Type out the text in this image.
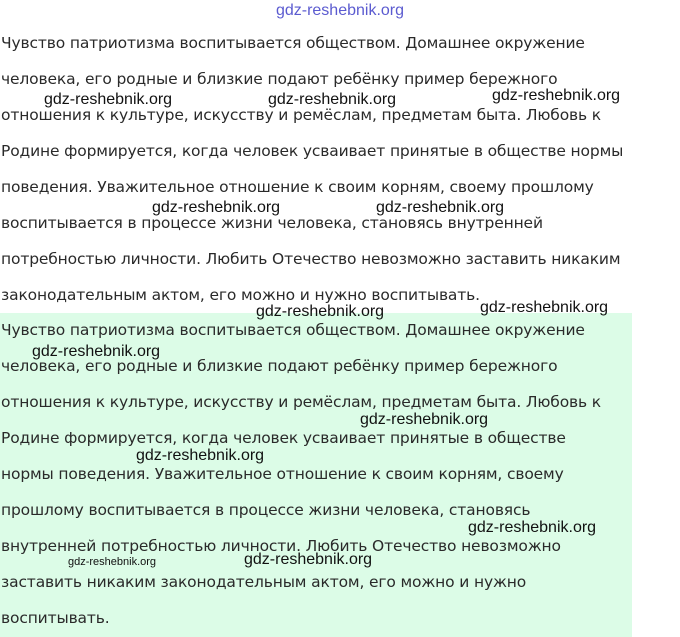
gdz-reshebnik.org
Чувство патриотизма воспитывается обществом. Домашнее окружение
человека, его родные и близкие подают ребёнку пример бережного
отношения к культуре, искусству и ремёслам, предметам быта. Любовь к
Родине формируется, когда человек усваивает принятые в обществе нормы
поведения. Уважительное отношение к своим корням, своему прошлому
воспитывается в процессе жизни человека, становясь внутренней
потребностью личности. Любить Отечество невозможно заставить никаким
законодательным актом, его можно и нужно воспитывать.
Чувство патриотизма воспитывается обществом. Домашнее окружение
человека, его родные и близкие подают ребёнку пример бережного
отношения к культуре, искусству и ремёслам, предметам быта. Любовь к
Родине формируется, когда человек усваивает принятые в обществе
нормы поведения. Уважительное отношение к своим корням, своему
прошлому воспитывается в процессе жизни человека, становясь
внутренней потребностью личности. Любить Отечество невозможно
заставить никаким законодательным актом, его можно и нужно
воспитывать.
gdz-reshebnik.org	gdz-reshebnik.org	gdz-reshebnik.org
gdz-reshebnik.org	gdz-reshebnik.org
gdz-reshebnik.org
gdz-reshebnik.org
gdz-reshebnik.org
gdz-reshebnik.org
gdz-reshebnik.org
gdz-reshebnik.org
gdz-reshebnik.org	gdz-reshebnik.org
